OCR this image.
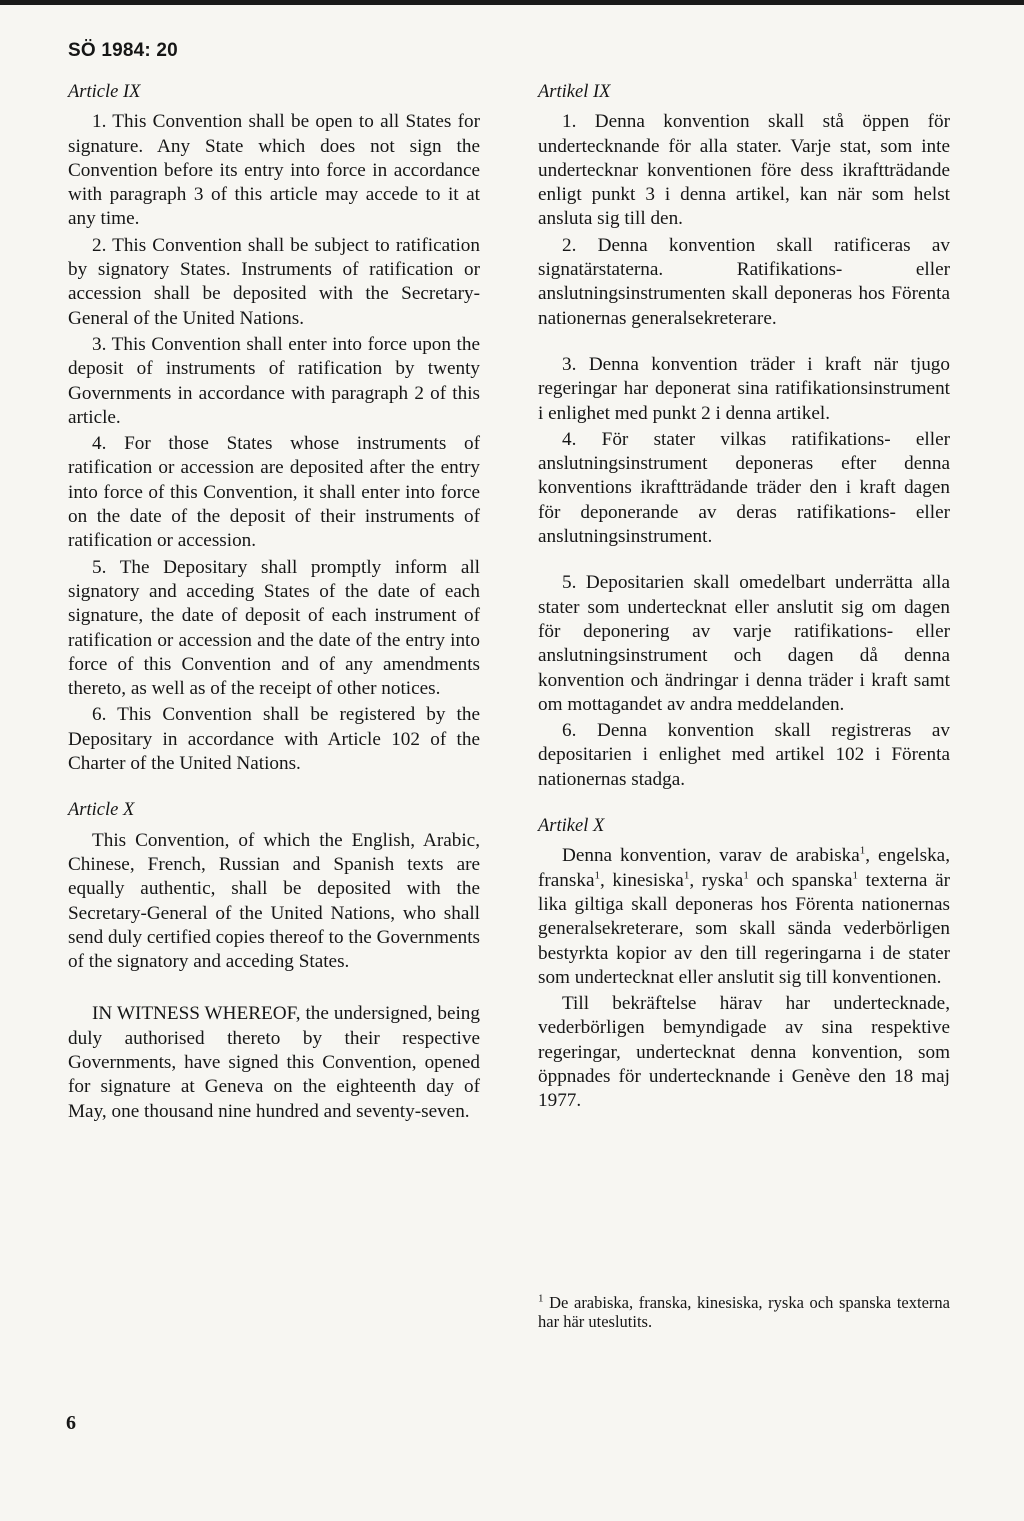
SÖ 1984: 20

Article IX

1. This Convention shall be open to all States for signature. Any State which does not sign the Convention before its entry into force in accordance with paragraph 3 of this article may accede to it at any time.

2. This Convention shall be subject to ratification by signatory States. Instruments of ratification or accession shall be deposited with the Secretary-General of the United Nations.

3. This Convention shall enter into force upon the deposit of instruments of ratification by twenty Governments in accordance with paragraph 2 of this article.

4. For those States whose instruments of ratification or accession are deposited after the entry into force of this Convention, it shall enter into force on the date of the deposit of their instruments of ratification or accession.

5. The Depositary shall promptly inform all signatory and acceding States of the date of each signature, the date of deposit of each instrument of ratification or accession and the date of the entry into force of this Convention and of any amendments thereto, as well as of the receipt of other notices.

6. This Convention shall be registered by the Depositary in accordance with Article 102 of the Charter of the United Nations.

Article X

This Convention, of which the English, Arabic, Chinese, French, Russian and Spanish texts are equally authentic, shall be deposited with the Secretary-General of the United Nations, who shall send duly certified copies thereof to the Governments of the signatory and acceding States.

IN WITNESS WHEREOF, the undersigned, being duly authorised thereto by their respective Governments, have signed this Convention, opened for signature at Geneva on the eighteenth day of May, one thousand nine hundred and seventy-seven.

Artikel IX

1. Denna konvention skall stå öppen för undertecknande för alla stater. Varje stat, som inte undertecknar konventionen före dess ikraftträdande enligt punkt 3 i denna artikel, kan när som helst ansluta sig till den.

2. Denna konvention skall ratificeras av signatärstaterna. Ratifikations- eller anslutningsinstrumenten skall deponeras hos Förenta nationernas generalsekreterare.

3. Denna konvention träder i kraft när tjugo regeringar har deponerat sina ratifikationsinstrument i enlighet med punkt 2 i denna artikel.

4. För stater vilkas ratifikations- eller anslutningsinstrument deponeras efter denna konventions ikraftträdande träder den i kraft dagen för deponerande av deras ratifikations- eller anslutningsinstrument.

5. Depositarien skall omedelbart underrätta alla stater som undertecknat eller anslutit sig om dagen för deponering av varje ratifikations- eller anslutningsinstrument och dagen då denna konvention och ändringar i denna träder i kraft samt om mottagandet av andra meddelanden.

6. Denna konvention skall registreras av depositarien i enlighet med artikel 102 i Förenta nationernas stadga.

Artikel X

Denna konvention, varav de arabiska$^1$, engelska, franska$^1$, kinesiska$^1$, ryska$^1$ och spanska$^1$ texterna är lika giltiga skall deponeras hos Förenta nationernas generalsekreterare, som skall sända vederbörligen bestyrkta kopior av den till regeringarna i de stater som undertecknat eller anslutit sig till konventionen.

Till bekräftelse härav har undertecknade, vederbörligen bemyndigade av sina respektive regeringar, undertecknat denna konvention, som öppnades för undertecknande i Genève den 18 maj 1977.

$^1$ De arabiska, franska, kinesiska, ryska och spanska texterna har här uteslutits.
6
